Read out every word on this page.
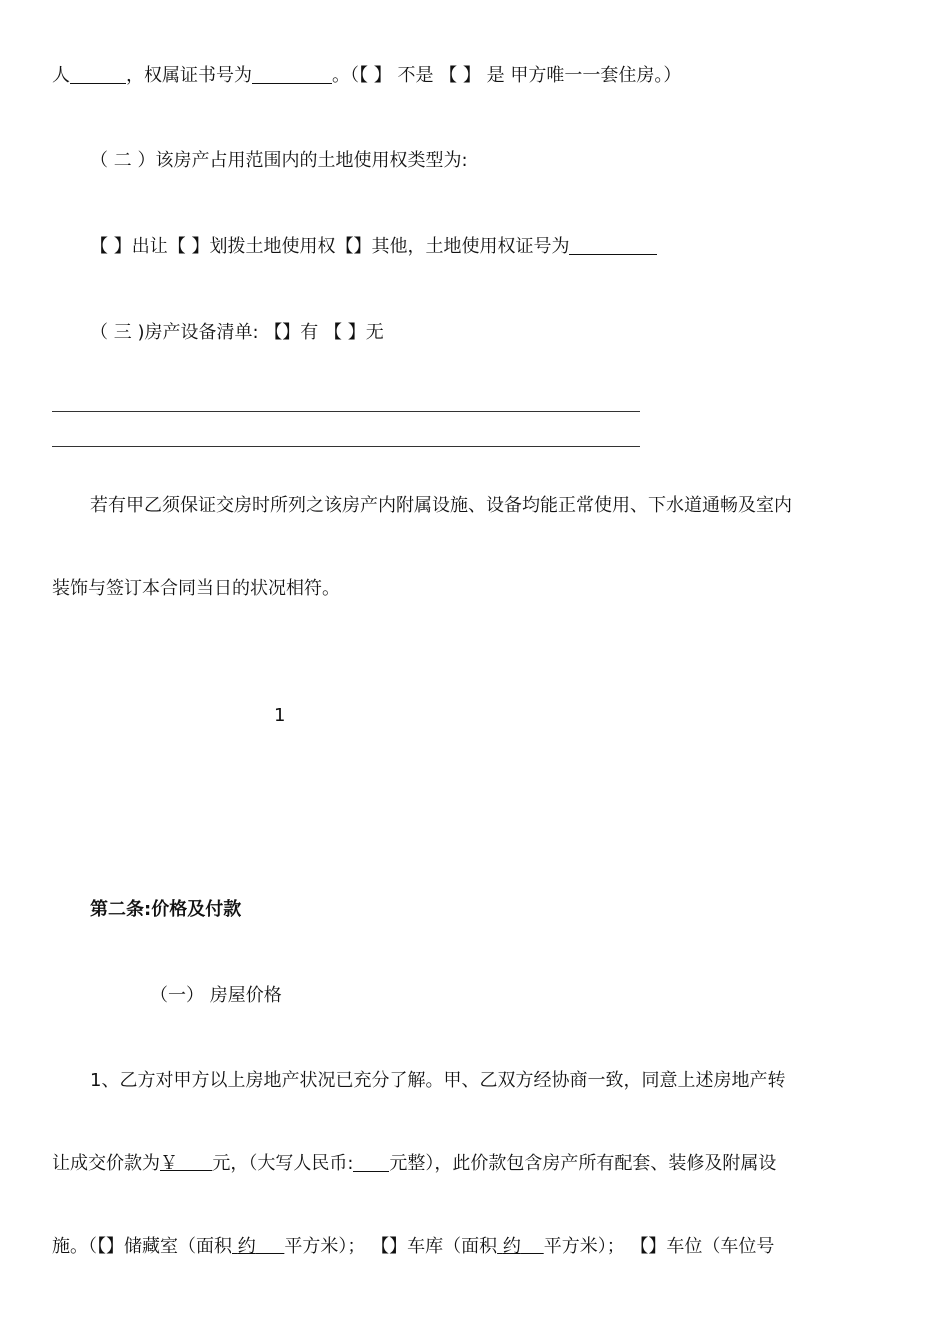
人	，权属证书号为	。（【 】 不是 【 】 是 甲方唯一一套住房。）
（ 二 ）该房产占用范围内的土地使用权类型为:
【 】出让【 】划拨土地使用权【】其他，土地使用权证号为
（ 三 )房产设备清单: 【】有 【 】无
若有甲乙须保证交房时所列之该房产内附属设施、设备均能正常使用、下水道通畅及室内
装饰与签订本合同当日的状况相符。
1
第二条:价格及付款
（一） 房屋价格
1、乙方对甲方以上房地产状况已充分了解。甲、乙双方经协商一致，同意上述房地产转
让成交价款为￥ 元，（大写人民币: 元整），此价款包含房产所有配套、装修及附属设
施。（【】储藏室（面积 约 平方米）； 【】车库（面积 约 平方米）； 【】车位（车位号
